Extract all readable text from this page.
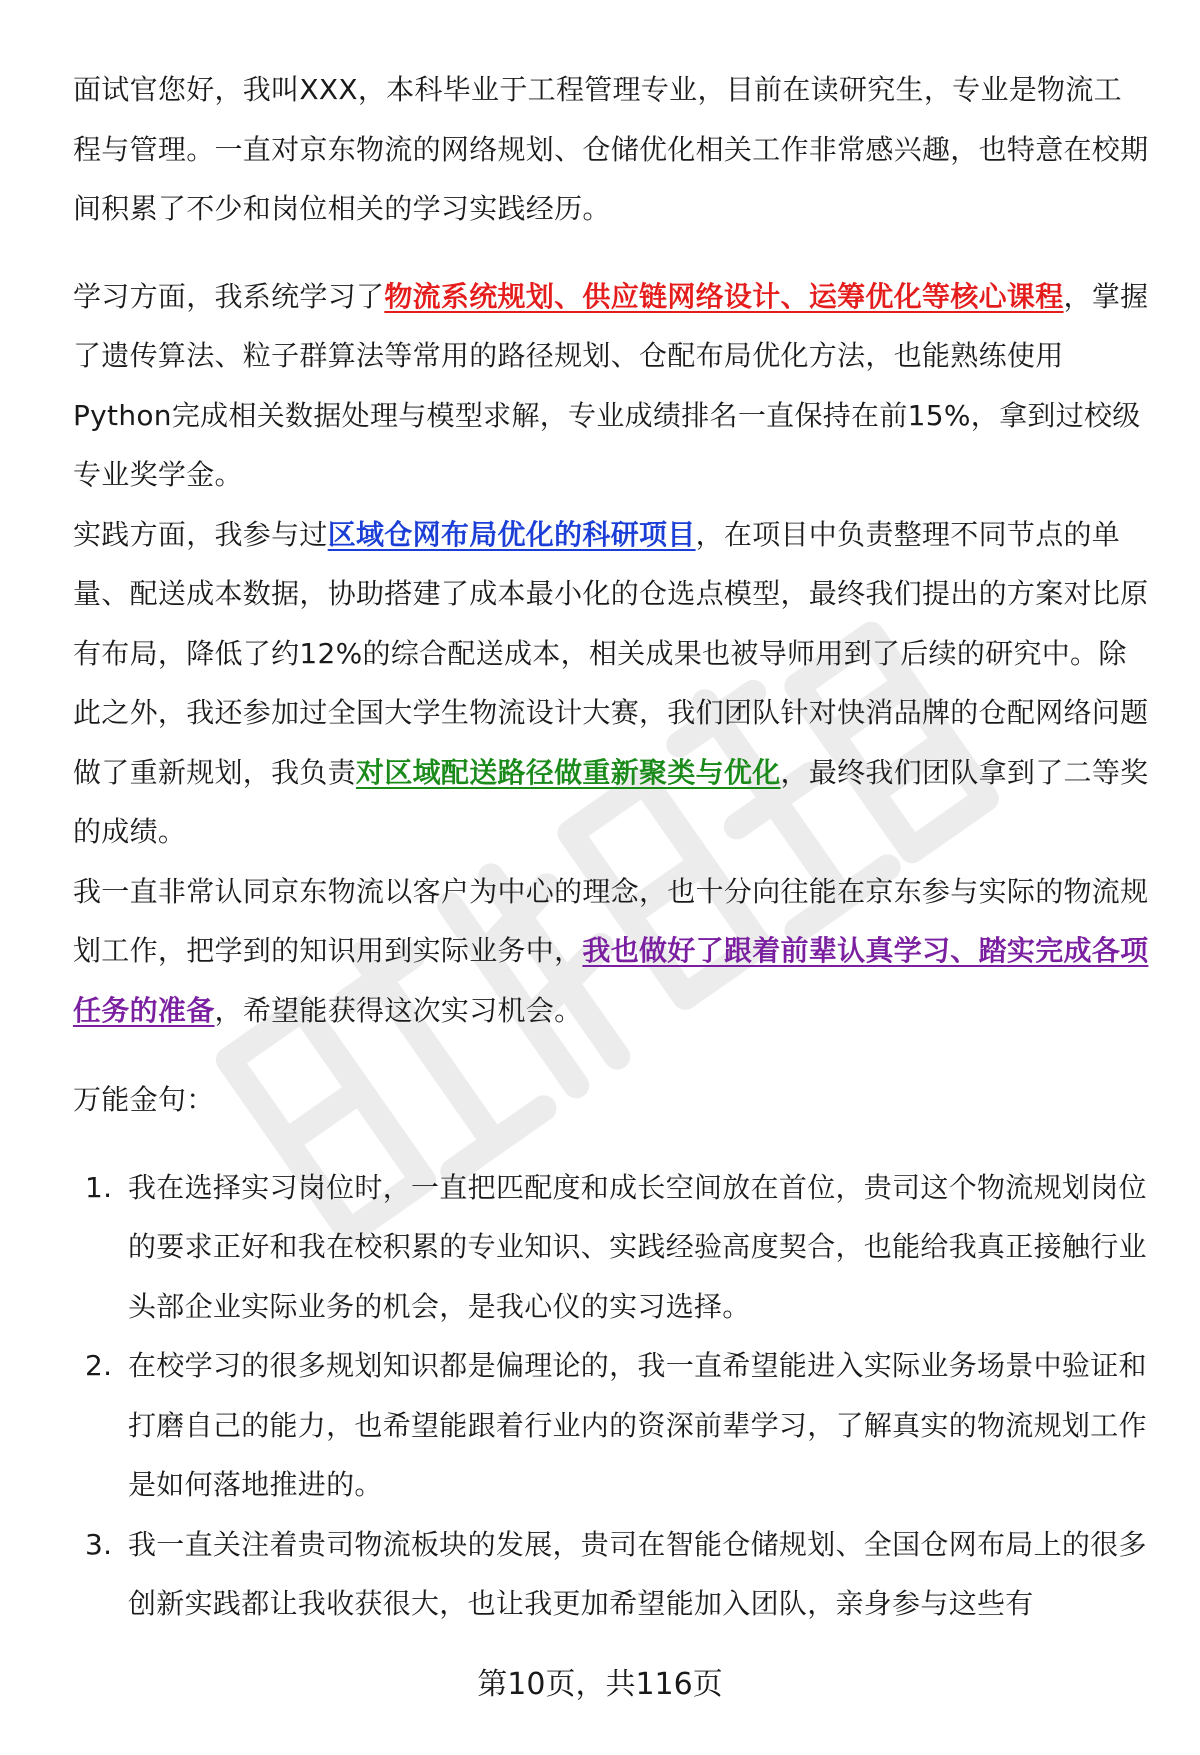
面试官您好，我叫XXX，本科毕业于工程管理专业，目前在读研究生，专业是物流工程与管理。一直对京东物流的网络规划、仓储优化相关工作非常感兴趣，也特意在校期间积累了不少和岗位相关的学习实践经历。

学习方面，我系统学习了物流系统规划、供应链网络设计、运筹优化等核心课程，掌握了遗传算法、粒子群算法等常用的路径规划、仓配布局优化方法，也能熟练使用Python完成相关数据处理与模型求解，专业成绩排名一直保持在前15%，拿到过校级专业奖学金。

实践方面，我参与过区域仓网布局优化的科研项目，在项目中负责整理不同节点的单量、配送成本数据，协助搭建了成本最小化的仓选点模型，最终我们提出的方案对比原有布局，降低了约12%的综合配送成本，相关成果也被导师用到了后续的研究中。除此之外，我还参加过全国大学生物流设计大赛，我们团队针对快消品牌的仓配网络问题做了重新规划，我负责对区域配送路径做重新聚类与优化，最终我们团队拿到了二等奖的成绩。

我一直非常认同京东物流以客户为中心的理念，也十分向往能在京东参与实际的物流规划工作，把学到的知识用到实际业务中，我也做好了跟着前辈认真学习、踏实完成各项任务的准备，希望能获得这次实习机会。

万能金句：

1. 我在选择实习岗位时，一直把匹配度和成长空间放在首位，贵司这个物流规划岗位的要求正好和我在校积累的专业知识、实践经验高度契合，也能给我真正接触行业头部企业实际业务的机会，是我心仪的实习选择。
2. 在校学习的很多规划知识都是偏理论的，我一直希望能进入实际业务场景中验证和打磨自己的能力，也希望能跟着行业内的资深前辈学习，了解真实的物流规划工作是如何落地推进的。
3. 我一直关注着贵司物流板块的发展，贵司在智能仓储规划、全国仓网布局上的很多创新实践都让我收获很大，也让我更加希望能加入团队，亲身参与这些有
第10页，共116页
